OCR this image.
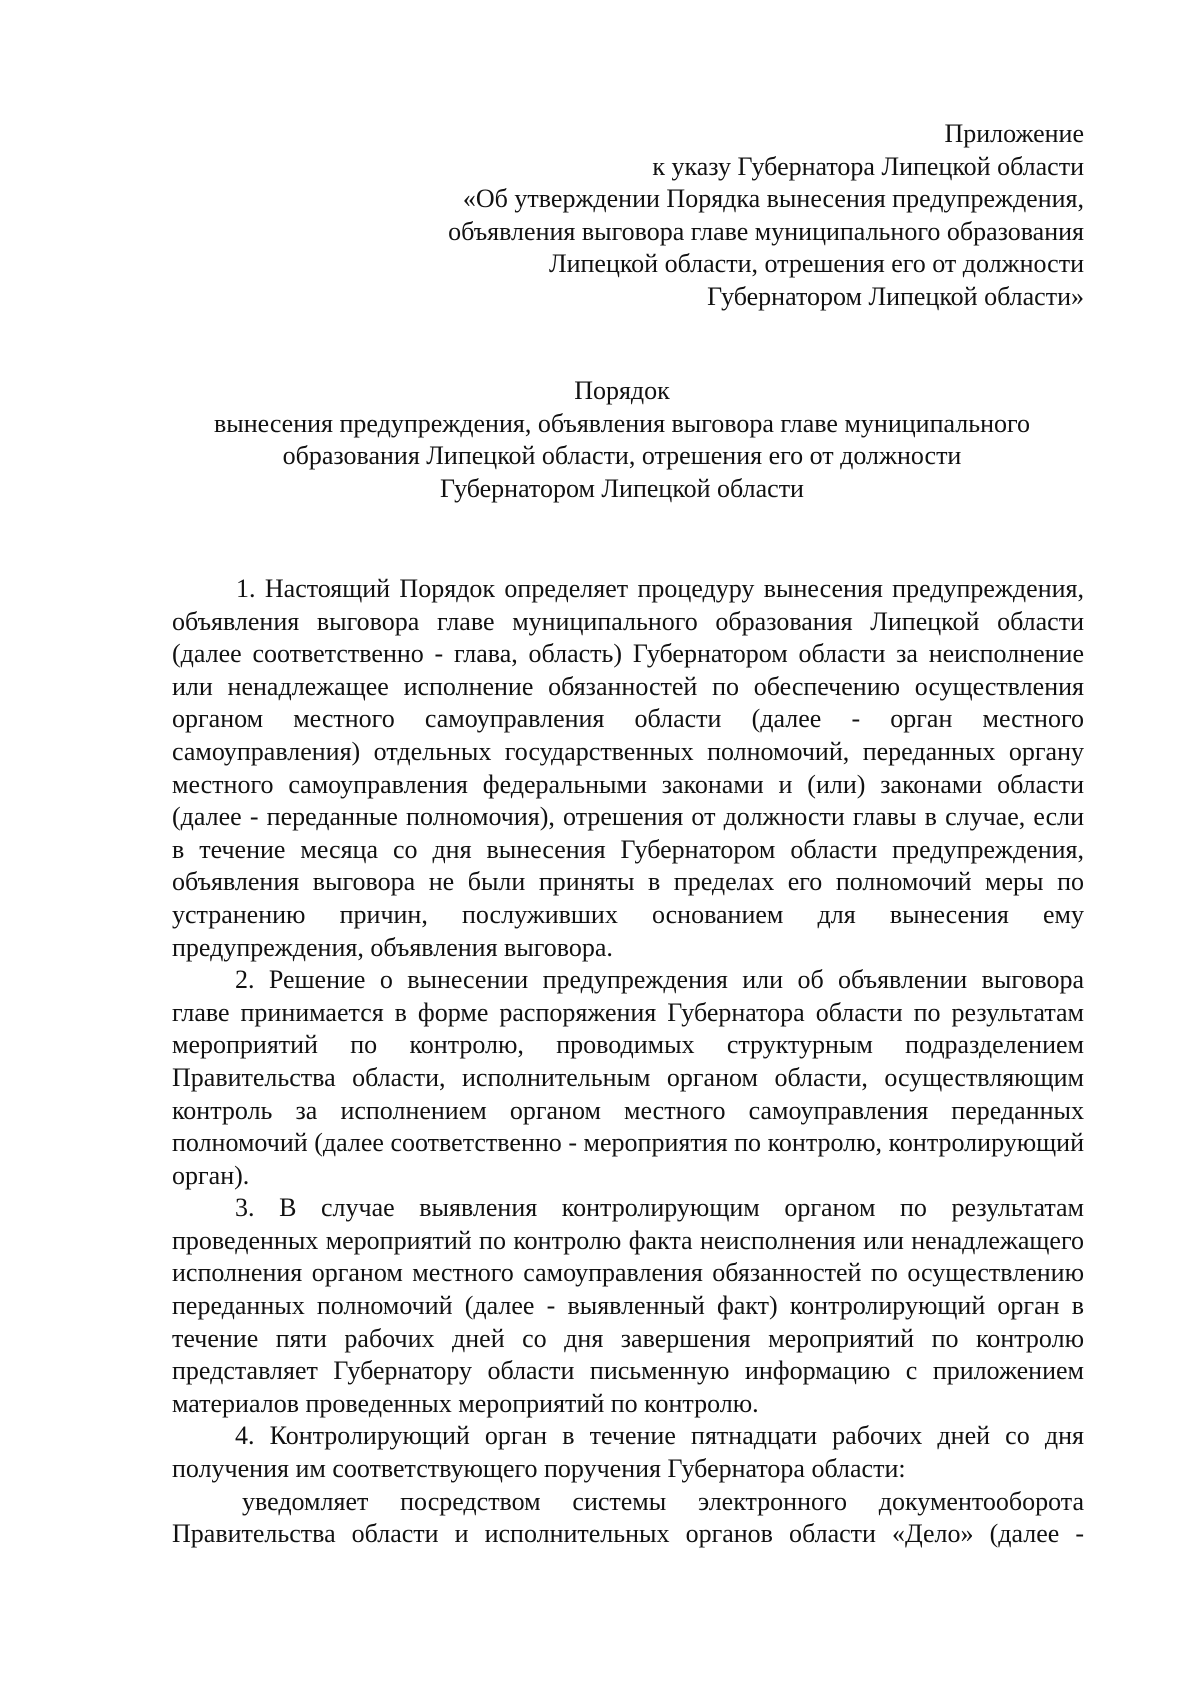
Приложение
к указу Губернатора Липецкой области
«Об утверждении Порядка вынесения предупреждения,
объявления выговора главе муниципального образования
Липецкой области, отрешения его от должности
Губернатором Липецкой области»
Порядок
вынесения предупреждения, объявления выговора главе муниципального
образования Липецкой области, отрешения его от должности
Губернатором Липецкой области

1. Настоящий Порядок определяет процедуру вынесения предупреждения, объявления выговора главе муниципального образования Липецкой области (далее соответственно - глава, область) Губернатором области за неисполнение или ненадлежащее исполнение обязанностей по обеспечению осуществления органом местного самоуправления области (далее - орган местного самоуправления) отдельных государственных полномочий, переданных органу местного самоуправления федеральными законами и (или) законами области (далее - переданные полномочия), отрешения от должности главы в случае, если в течение месяца со дня вынесения Губернатором области предупреждения, объявления выговора не были приняты в пределах его полномочий меры по устранению причин, послуживших основанием для вынесения ему предупреждения, объявления выговора.

2. Решение о вынесении предупреждения или об объявлении выговора главе принимается в форме распоряжения Губернатора области по результатам мероприятий по контролю, проводимых структурным подразделением Правительства области, исполнительным органом области, осуществляющим контроль за исполнением органом местного самоуправления переданных полномочий (далее соответственно - мероприятия по контролю, контролирующий орган).

3. В случае выявления контролирующим органом по результатам проведенных мероприятий по контролю факта неисполнения или ненадлежащего исполнения органом местного самоуправления обязанностей по осуществлению переданных полномочий (далее - выявленный факт) контролирующий орган в течение пяти рабочих дней со дня завершения мероприятий по контролю представляет Губернатору области письменную информацию с приложением материалов проведенных мероприятий по контролю.

4. Контролирующий орган в течение пятнадцати рабочих дней со дня получения им соответствующего поручения Губернатора области:

уведомляет посредством системы электронного документооборота Правительства области и исполнительных органов области «Дело» (далее -
